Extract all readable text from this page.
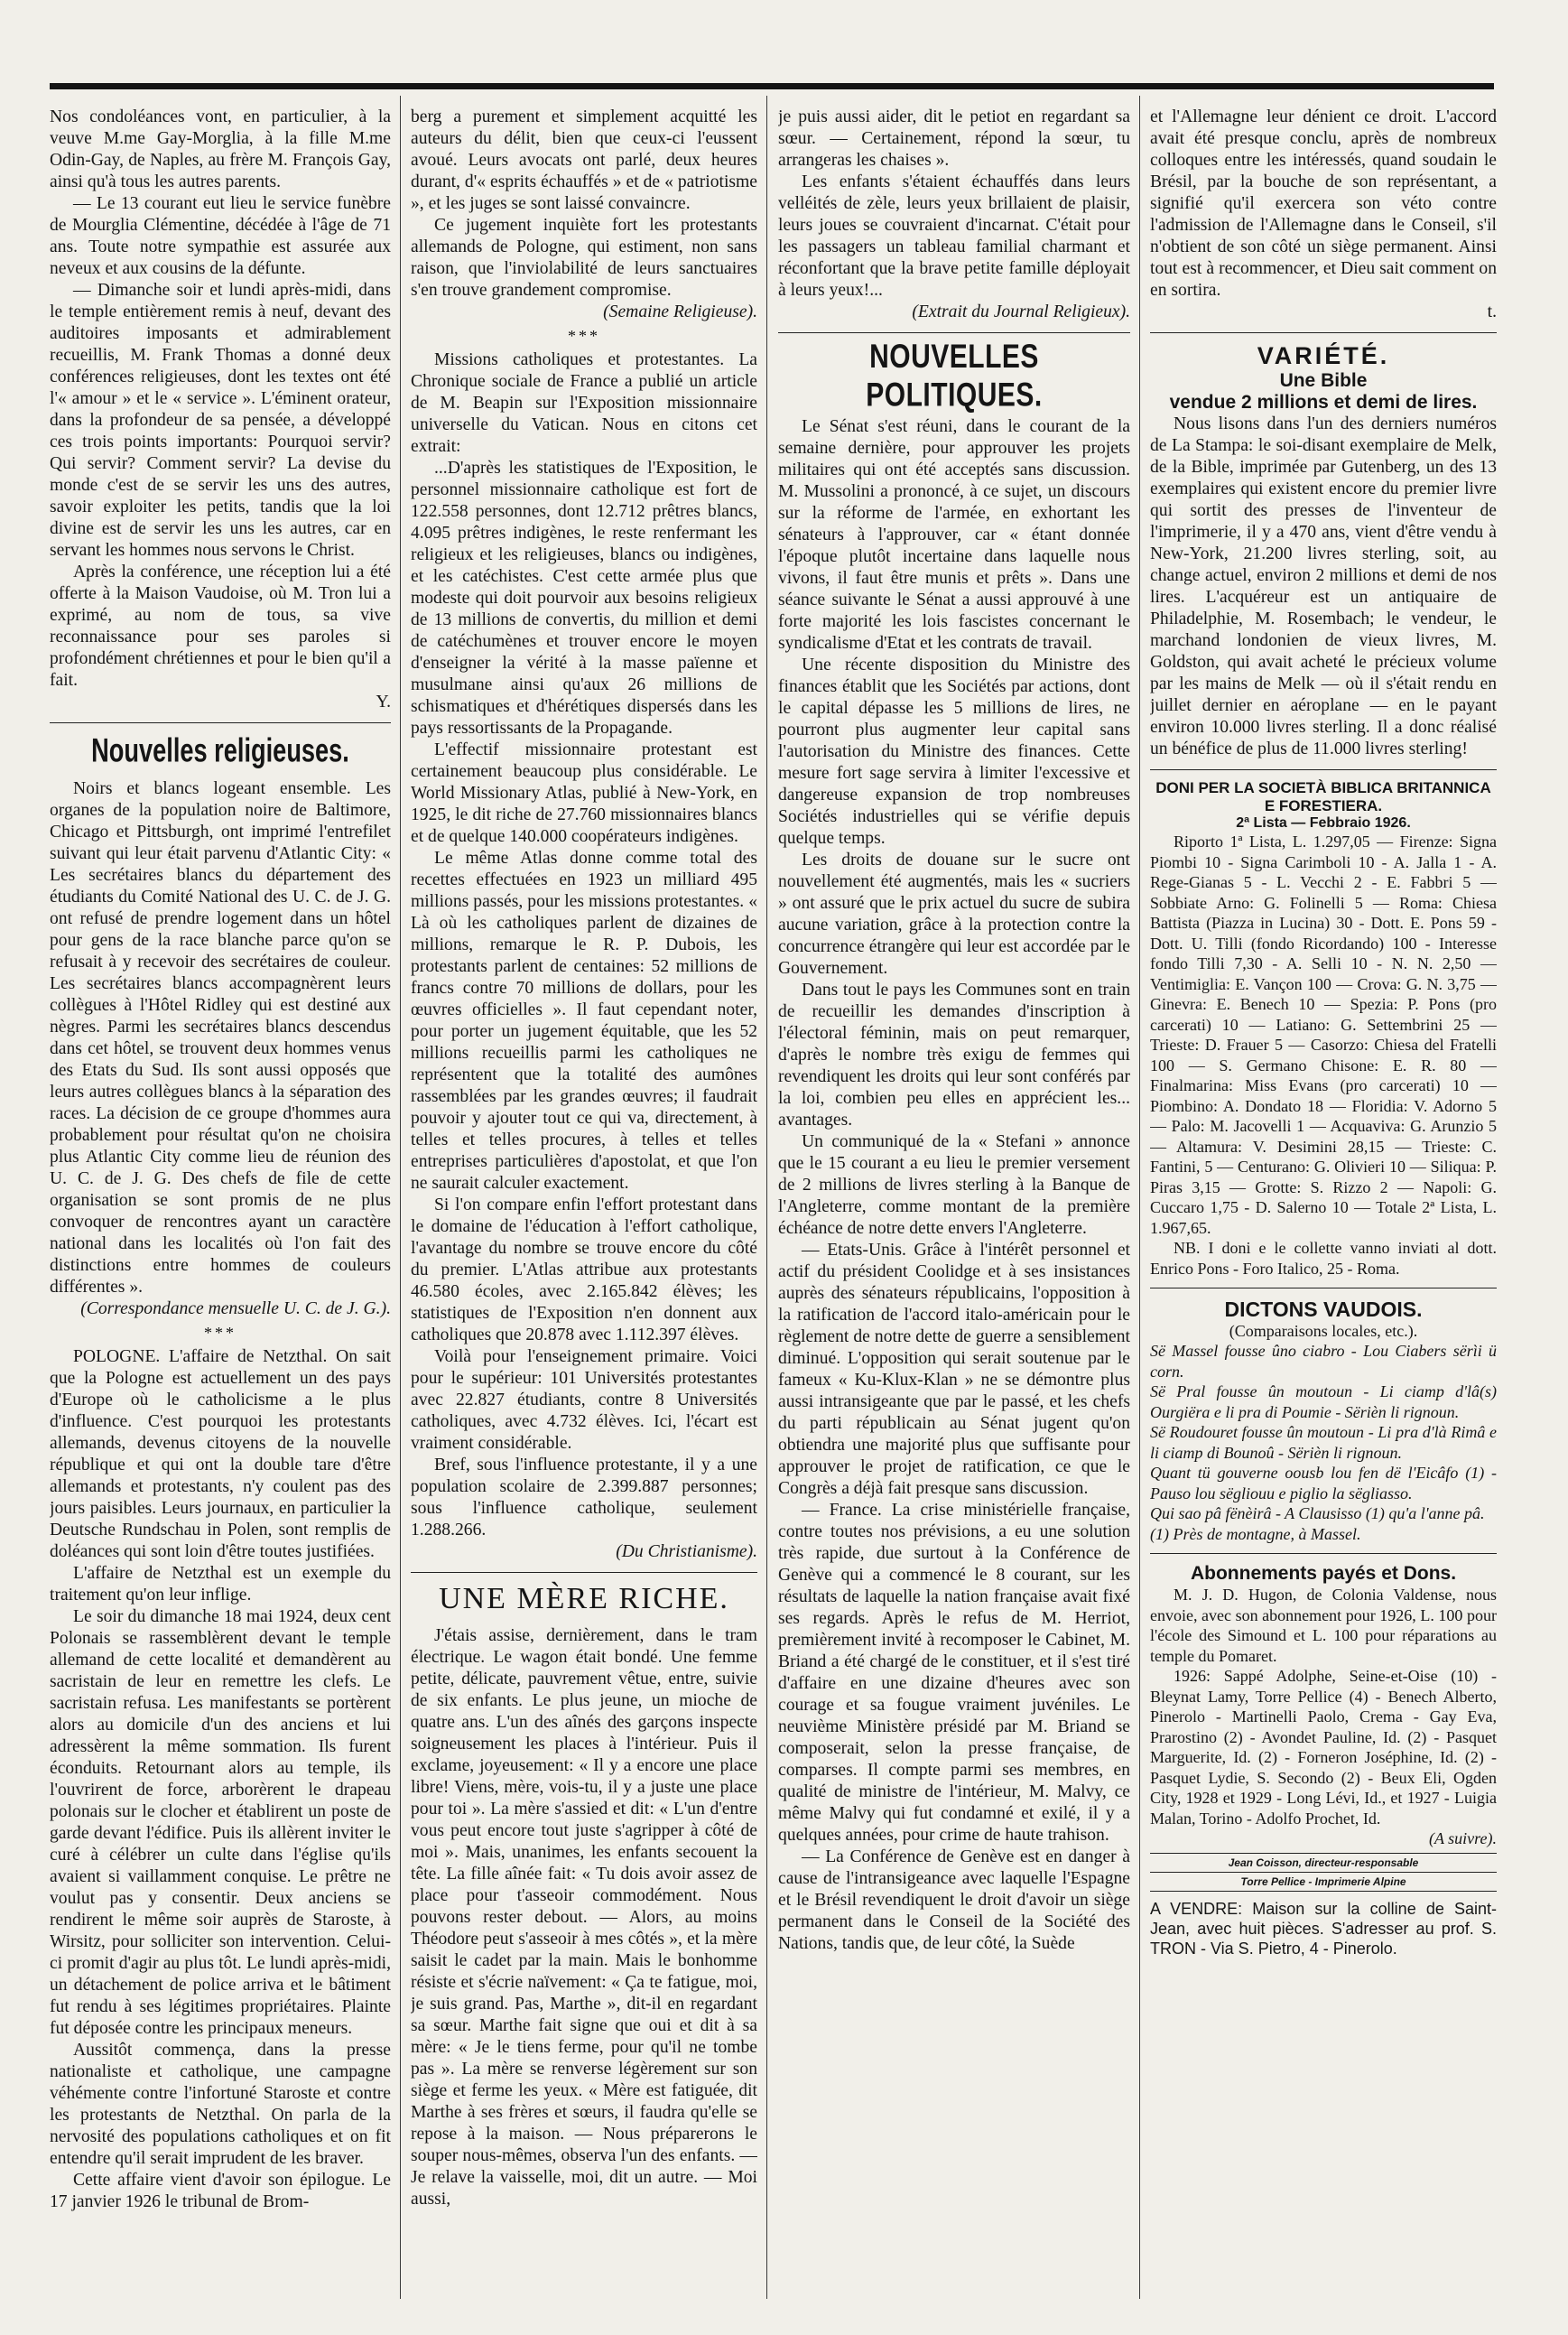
Nos condoléances vont, en particulier, à la veuve M.me Gay-Morglia, à la fille M.me Odin-Gay, de Naples, au frère M. François Gay, ainsi qu'à tous les autres parents.

— Le 13 courant eut lieu le service funèbre de Mourglia Clémentine, décédée à l'âge de 71 ans. Toute notre sympathie est assurée aux neveux et aux cousins de la défunte.

— Dimanche soir et lundi après-midi, dans le temple entièrement remis à neuf, devant des auditoires imposants et admirablement recueillis, M. Frank Thomas a donné deux conférences religieuses, dont les textes ont été l'« amour » et le « service ». L'éminent orateur, dans la profondeur de sa pensée, a développé ces trois points importants: Pourquoi servir? Qui servir? Comment servir? La devise du monde c'est de se servir les uns des autres, savoir exploiter les petits, tandis que la loi divine est de servir les uns les autres, car en servant les hommes nous servons le Christ.

Après la conférence, une réception lui a été offerte à la Maison Vaudoise, où M. Tron lui a exprimé, au nom de tous, sa vive reconnaissance pour ses paroles si profondément chrétiennes et pour le bien qu'il a fait.

Y.

Nouvelles religieuses.

Noirs et blancs logeant ensemble. Les organes de la population noire de Baltimore, Chicago et Pittsburgh, ont imprimé l'entrefilet suivant qui leur était parvenu d'Atlantic City: « Les secrétaires blancs du département des étudiants du Comité National des U. C. de J. G. ont refusé de prendre logement dans un hôtel pour gens de la race blanche parce qu'on se refusait à y recevoir des secrétaires de couleur. Les secrétaires blancs accompagnèrent leurs collègues à l'Hôtel Ridley qui est destiné aux nègres. Parmi les secrétaires blancs descendus dans cet hôtel, se trouvent deux hommes venus des Etats du Sud. Ils sont aussi opposés que leurs autres collègues blancs à la séparation des races. La décision de ce groupe d'hommes aura probablement pour résultat qu'on ne choisira plus Atlantic City comme lieu de réunion des U. C. de J. G. Des chefs de file de cette organisation se sont promis de ne plus convoquer de rencontres ayant un caractère national dans les localités où l'on fait des distinctions entre hommes de couleurs différentes ».

(Correspondance mensuelle U. C. de J. G.).

***

POLOGNE. L'affaire de Netzthal. On sait que la Pologne est actuellement un des pays d'Europe où le catholicisme a le plus d'influence. C'est pourquoi les protestants allemands, devenus citoyens de la nouvelle république et qui ont la double tare d'être allemands et protestants, n'y coulent pas des jours paisibles. Leurs journaux, en particulier la Deutsche Rundschau in Polen, sont remplis de doléances qui sont loin d'être toutes justifiées.

L'affaire de Netzthal est un exemple du traitement qu'on leur inflige.

Le soir du dimanche 18 mai 1924, deux cent Polonais se rassemblèrent devant le temple allemand de cette localité et demandèrent au sacristain de leur en remettre les clefs. Le sacristain refusa. Les manifestants se portèrent alors au domicile d'un des anciens et lui adressèrent la même sommation. Ils furent éconduits. Retournant alors au temple, ils l'ouvrirent de force, arborèrent le drapeau polonais sur le clocher et établirent un poste de garde devant l'édifice. Puis ils allèrent inviter le curé à célébrer un culte dans l'église qu'ils avaient si vaillamment conquise. Le prêtre ne voulut pas y consentir. Deux anciens se rendirent le même soir auprès de Staroste, à Wirsitz, pour solliciter son intervention. Celui-ci promit d'agir au plus tôt. Le lundi après-midi, un détachement de police arriva et le bâtiment fut rendu à ses légitimes propriétaires. Plainte fut déposée contre les principaux meneurs.

Aussitôt commença, dans la presse nationaliste et catholique, une campagne véhémente contre l'infortuné Staroste et contre les protestants de Netzthal. On parla de la nervosité des populations catholiques et on fit entendre qu'il serait imprudent de les braver.

Cette affaire vient d'avoir son épilogue. Le 17 janvier 1926 le tribunal de Brom-

berg a purement et simplement acquitté les auteurs du délit, bien que ceux-ci l'eussent avoué. Leurs avocats ont parlé, deux heures durant, d'« esprits échauffés » et de « patriotisme », et les juges se sont laissé convaincre.

Ce jugement inquiète fort les protestants allemands de Pologne, qui estiment, non sans raison, que l'inviolabilité de leurs sanctuaires s'en trouve grandement compromise.

(Semaine Religieuse).

***

Missions catholiques et protestantes. La Chronique sociale de France a publié un article de M. Beapin sur l'Exposition missionnaire universelle du Vatican. Nous en citons cet extrait:

...D'après les statistiques de l'Exposition, le personnel missionnaire catholique est fort de 122.558 personnes, dont 12.712 prêtres blancs, 4.095 prêtres indigènes, le reste renfermant les religieux et les religieuses, blancs ou indigènes, et les catéchistes. C'est cette armée plus que modeste qui doit pourvoir aux besoins religieux de 13 millions de convertis, du million et demi de catéchumènes et trouver encore le moyen d'enseigner la vérité à la masse païenne et musulmane ainsi qu'aux 26 millions de schismatiques et d'hérétiques dispersés dans les pays ressortissants de la Propagande.

L'effectif missionnaire protestant est certainement beaucoup plus considérable. Le World Missionary Atlas, publié à New-York, en 1925, le dit riche de 27.760 missionnaires blancs et de quelque 140.000 coopérateurs indigènes.

Le même Atlas donne comme total des recettes effectuées en 1923 un milliard 495 millions passés, pour les missions protestantes. « Là où les catholiques parlent de dizaines de millions, remarque le R. P. Dubois, les protestants parlent de centaines: 52 millions de francs contre 70 millions de dollars, pour les œuvres officielles ». Il faut cependant noter, pour porter un jugement équitable, que les 52 millions recueillis parmi les catholiques ne représentent que la totalité des aumônes rassemblées par les grandes œuvres; il faudrait pouvoir y ajouter tout ce qui va, directement, à telles et telles procures, à telles et telles entreprises particulières d'apostolat, et que l'on ne saurait calculer exactement.

Si l'on compare enfin l'effort protestant dans le domaine de l'éducation à l'effort catholique, l'avantage du nombre se trouve encore du côté du premier. L'Atlas attribue aux protestants 46.580 écoles, avec 2.165.842 élèves; les statistiques de l'Exposition n'en donnent aux catholiques que 20.878 avec 1.112.397 élèves.

Voilà pour l'enseignement primaire. Voici pour le supérieur: 101 Universités protestantes avec 22.827 étudiants, contre 8 Universités catholiques, avec 4.732 élèves. Ici, l'écart est vraiment considérable.

Bref, sous l'influence protestante, il y a une population scolaire de 2.399.887 personnes; sous l'influence catholique, seulement 1.288.266.

(Du Christianisme).

UNE MÈRE RICHE.

J'étais assise, dernièrement, dans le tram électrique. Le wagon était bondé. Une femme petite, délicate, pauvrement vêtue, entre, suivie de six enfants. Le plus jeune, un mioche de quatre ans. L'un des aînés des garçons inspecte soigneusement les places à l'intérieur. Puis il exclame, joyeusement: « Il y a encore une place libre! Viens, mère, vois-tu, il y a juste une place pour toi ». La mère s'assied et dit: « L'un d'entre vous peut encore tout juste s'agripper à côté de moi ». Mais, unanimes, les enfants secouent la tête. La fille aînée fait: « Tu dois avoir assez de place pour t'asseoir commodément. Nous pouvons rester debout. — Alors, au moins Théodore peut s'asseoir à mes côtés », et la mère saisit le cadet par la main. Mais le bonhomme résiste et s'écrie naïvement: « Ça te fatigue, moi, je suis grand. Pas, Marthe », dit-il en regardant sa sœur. Marthe fait signe que oui et dit à sa mère: « Je le tiens ferme, pour qu'il ne tombe pas ». La mère se renverse légèrement sur son siège et ferme les yeux. « Mère est fatiguée, dit Marthe à ses frères et sœurs, il faudra qu'elle se repose à la maison. — Nous préparerons le souper nous-mêmes, observa l'un des enfants. — Je relave la vaisselle, moi, dit un autre. — Moi aussi,

je puis aussi aider, dit le petiot en regardant sa sœur. — Certainement, répond la sœur, tu arrangeras les chaises ».

Les enfants s'étaient échauffés dans leurs velléités de zèle, leurs yeux brillaient de plaisir, leurs joues se couvraient d'incarnat. C'était pour les passagers un tableau familial charmant et réconfortant que la brave petite famille déployait à leurs yeux!...

(Extrait du Journal Religieux).

NOUVELLES POLITIQUES.

Le Sénat s'est réuni, dans le courant de la semaine dernière, pour approuver les projets militaires qui ont été acceptés sans discussion. M. Mussolini a prononcé, à ce sujet, un discours sur la réforme de l'armée, en exhortant les sénateurs à l'approuver, car « étant donnée l'époque plutôt incertaine dans laquelle nous vivons, il faut être munis et prêts ». Dans une séance suivante le Sénat a aussi approuvé à une forte majorité les lois fascistes concernant le syndicalisme d'Etat et les contrats de travail.

Une récente disposition du Ministre des finances établit que les Sociétés par actions, dont le capital dépasse les 5 millions de lires, ne pourront plus augmenter leur capital sans l'autorisation du Ministre des finances. Cette mesure fort sage servira à limiter l'excessive et dangereuse expansion de trop nombreuses Sociétés industrielles qui se vérifie depuis quelque temps.

Les droits de douane sur le sucre ont nouvellement été augmentés, mais les « sucriers » ont assuré que le prix actuel du sucre de subira aucune variation, grâce à la protection contre la concurrence étrangère qui leur est accordée par le Gouvernement.

Dans tout le pays les Communes sont en train de recueillir les demandes d'inscription à l'électoral féminin, mais on peut remarquer, d'après le nombre très exigu de femmes qui revendiquent les droits qui leur sont conférés par la loi, combien peu elles en apprécient les... avantages.

Un communiqué de la « Stefani » annonce que le 15 courant a eu lieu le premier versement de 2 millions de livres sterling à la Banque de l'Angleterre, comme montant de la première échéance de notre dette envers l'Angleterre.

— Etats-Unis. Grâce à l'intérêt personnel et actif du président Coolidge et à ses insistances auprès des sénateurs républicains, l'opposition à la ratification de l'accord italo-américain pour le règlement de notre dette de guerre a sensiblement diminué. L'opposition qui serait soutenue par le fameux « Ku-Klux-Klan » ne se démontre plus aussi intransigeante que par le passé, et les chefs du parti républicain au Sénat jugent qu'on obtiendra une majorité plus que suffisante pour approuver le projet de ratification, ce que le Congrès a déjà fait presque sans discussion.

— France. La crise ministérielle française, contre toutes nos prévisions, a eu une solution très rapide, due surtout à la Conférence de Genève qui a commencé le 8 courant, sur les résultats de laquelle la nation française avait fixé ses regards. Après le refus de M. Herriot, premièrement invité à recomposer le Cabinet, M. Briand a été chargé de le constituer, et il s'est tiré d'affaire en une dizaine d'heures avec son courage et sa fougue vraiment juvéniles. Le neuvième Ministère présidé par M. Briand se composerait, selon la presse française, de comparses. Il compte parmi ses membres, en qualité de ministre de l'intérieur, M. Malvy, ce même Malvy qui fut condamné et exilé, il y a quelques années, pour crime de haute trahison.

— La Conférence de Genève est en danger à cause de l'intransigeance avec laquelle l'Espagne et le Brésil revendiquent le droit d'avoir un siège permanent dans le Conseil de la Société des Nations, tandis que, de leur côté, la Suède

et l'Allemagne leur dénient ce droit. L'accord avait été presque conclu, après de nombreux colloques entre les intéressés, quand soudain le Brésil, par la bouche de son représentant, a signifié qu'il exercera son véto contre l'admission de l'Allemagne dans le Conseil, s'il n'obtient de son côté un siège permanent. Ainsi tout est à recommencer, et Dieu sait comment on en sortira.

t.

VARIÉTÉ.
Une Bible
vendue 2 millions et demi de lires.

Nous lisons dans l'un des derniers numéros de La Stampa: le soi-disant exemplaire de Melk, de la Bible, imprimée par Gutenberg, un des 13 exemplaires qui existent encore du premier livre qui sortit des presses de l'inventeur de l'imprimerie, il y a 470 ans, vient d'être vendu à New-York, 21.200 livres sterling, soit, au change actuel, environ 2 millions et demi de nos lires. L'acquéreur est un antiquaire de Philadelphie, M. Rosembach; le vendeur, le marchand londonien de vieux livres, M. Goldston, qui avait acheté le précieux volume par les mains de Melk — où il s'était rendu en juillet dernier en aéroplane — en le payant environ 10.000 livres sterling. Il a donc réalisé un bénéfice de plus de 11.000 livres sterling!

DONI PER LA SOCIETÀ BIBLICA BRITANNICA E FORESTIERA.
2ª Lista — Febbraio 1926.

Riporto 1ª Lista, L. 1.297,05 — Firenze: Signa Piombi 10 - Signa Carimboli 10 - A. Jalla 1 - A. Rege-Gianas 5 - L. Vecchi 2 - E. Fabbri 5 — Sobbiate Arno: G. Folinelli 5 — Roma: Chiesa Battista (Piazza in Lucina) 30 - Dott. E. Pons 59 - Dott. U. Tilli (fondo Ricordando) 100 - Interesse fondo Tilli 7,30 - A. Selli 10 - N. N. 2,50 — Ventimiglia: E. Vançon 100 — Crova: G. N. 3,75 — Ginevra: E. Benech 10 — Spezia: P. Pons (pro carcerati) 10 — Latiano: G. Settembrini 25 — Trieste: D. Frauer 5 — Casorzo: Chiesa del Fratelli 100 — S. Germano Chisone: E. R. 80 — Finalmarina: Miss Evans (pro carcerati) 10 — Piombino: A. Dondato 18 — Floridia: V. Adorno 5 — Palo: M. Jacovelli 1 — Acquaviva: G. Arunzio 5 — Altamura: V. Desimini 28,15 — Trieste: C. Fantini, 5 — Centurano: G. Olivieri 10 — Siliqua: P. Piras 3,15 — Grotte: S. Rizzo 2 — Napoli: G. Cuccaro 1,75 - D. Salerno 10 — Totale 2ª Lista, L. 1.967,65.

NB. I doni e le collette vanno inviati al dott. Enrico Pons - Foro Italico, 25 - Roma.

DICTONS VAUDOIS.
(Comparaisons locales, etc.).

Së Massel fousse ûno ciabro - Lou Ciabers sërìi ü corn.

Së Pral fousse ûn moutoun - Li ciamp d'lâ(s) Ourgiëra e li pra di Poumie - Sërièn li rignoun.

Së Roudouret fousse ûn moutoun - Li pra d'là Rimâ e li ciamp di Bounoû - Sërièn li rignoun.

Quant tü gouverne oousb lou fen dë l'Eicâfo (1) - Pauso lou sëgliouu e piglio la sëgliasso.

Qui sao pâ fënèirâ - A Clausisso (1) qu'a l'anne pâ.

(1) Près de montagne, à Massel.

Abonnements payés et Dons.

M. J. D. Hugon, de Colonia Valdense, nous envoie, avec son abonnement pour 1926, L. 100 pour l'école des Simound et L. 100 pour réparations au temple du Pomaret.

1926: Sappé Adolphe, Seine-et-Oise (10) - Bleynat Lamy, Torre Pellice (4) - Benech Alberto, Pinerolo - Martinelli Paolo, Crema - Gay Eva, Prarostino (2) - Avondet Pauline, Id. (2) - Pasquet Marguerite, Id. (2) - Forneron Joséphine, Id. (2) - Pasquet Lydie, S. Secondo (2) - Beux Eli, Ogden City, 1928 et 1929 - Long Lévi, Id., et 1927 - Luigia Malan, Torino - Adolfo Prochet, Id.

(A suivre).

Jean Coisson, directeur-responsable
Torre Pellice - Imprimerie Alpine

A VENDRE: Maison sur la colline de Saint-Jean, avec huit pièces. S'adresser au prof. S. TRON - Via S. Pietro, 4 - Pinerolo.
